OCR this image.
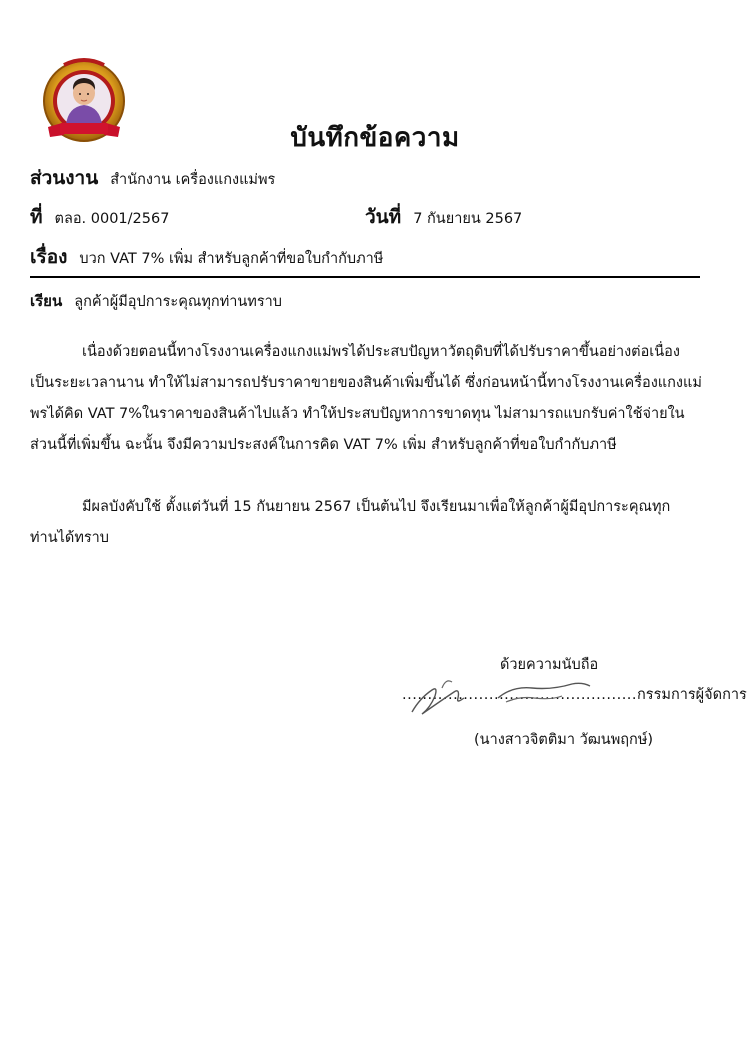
บันทึกข้อความ
ส่วนงาน สำนักงาน เครื่องแกงแม่พร
ที่ ตลอ. 0001/2567	วันที่ 7 กันยายน 2567
เรื่อง บวก VAT 7% เพิ่ม สำหรับลูกค้าที่ขอใบกำกับภาษี
เรียน ลูกค้าผู้มีอุปการะคุณทุกท่านทราบ
เนื่องด้วยตอนนี้ทางโรงงานเครื่องแกงแม่พรได้ประสบปัญหาวัตถุดิบที่ได้ปรับราคาขึ้นอย่างต่อเนื่อง
เป็นระยะเวลานาน ทำให้ไม่สามารถปรับราคาขายของสินค้าเพิ่มขึ้นได้ ซึ่งก่อนหน้านี้ทางโรงงานเครื่องแกงแม่
พรได้คิด VAT 7%ในราคาของสินค้าไปแล้ว ทำให้ประสบปัญหาการขาดทุน ไม่สามารถแบกรับค่าใช้จ่ายใน
ส่วนนี้ที่เพิ่มขึ้น ฉะนั้น จึงมีความประสงค์ในการคิด VAT 7% เพิ่ม สำหรับลูกค้าที่ขอใบกำกับภาษี
มีผลบังคับใช้ ตั้งแต่วันที่ 15 กันยายน 2567 เป็นต้นไป จึงเรียนมาเพื่อให้ลูกค้าผู้มีอุปการะคุณทุก
ท่านได้ทราบ
ด้วยความนับถือ
..............................................กรรมการผู้จัดการ
(นางสาวจิตติมา วัฒนพฤกษ์)
